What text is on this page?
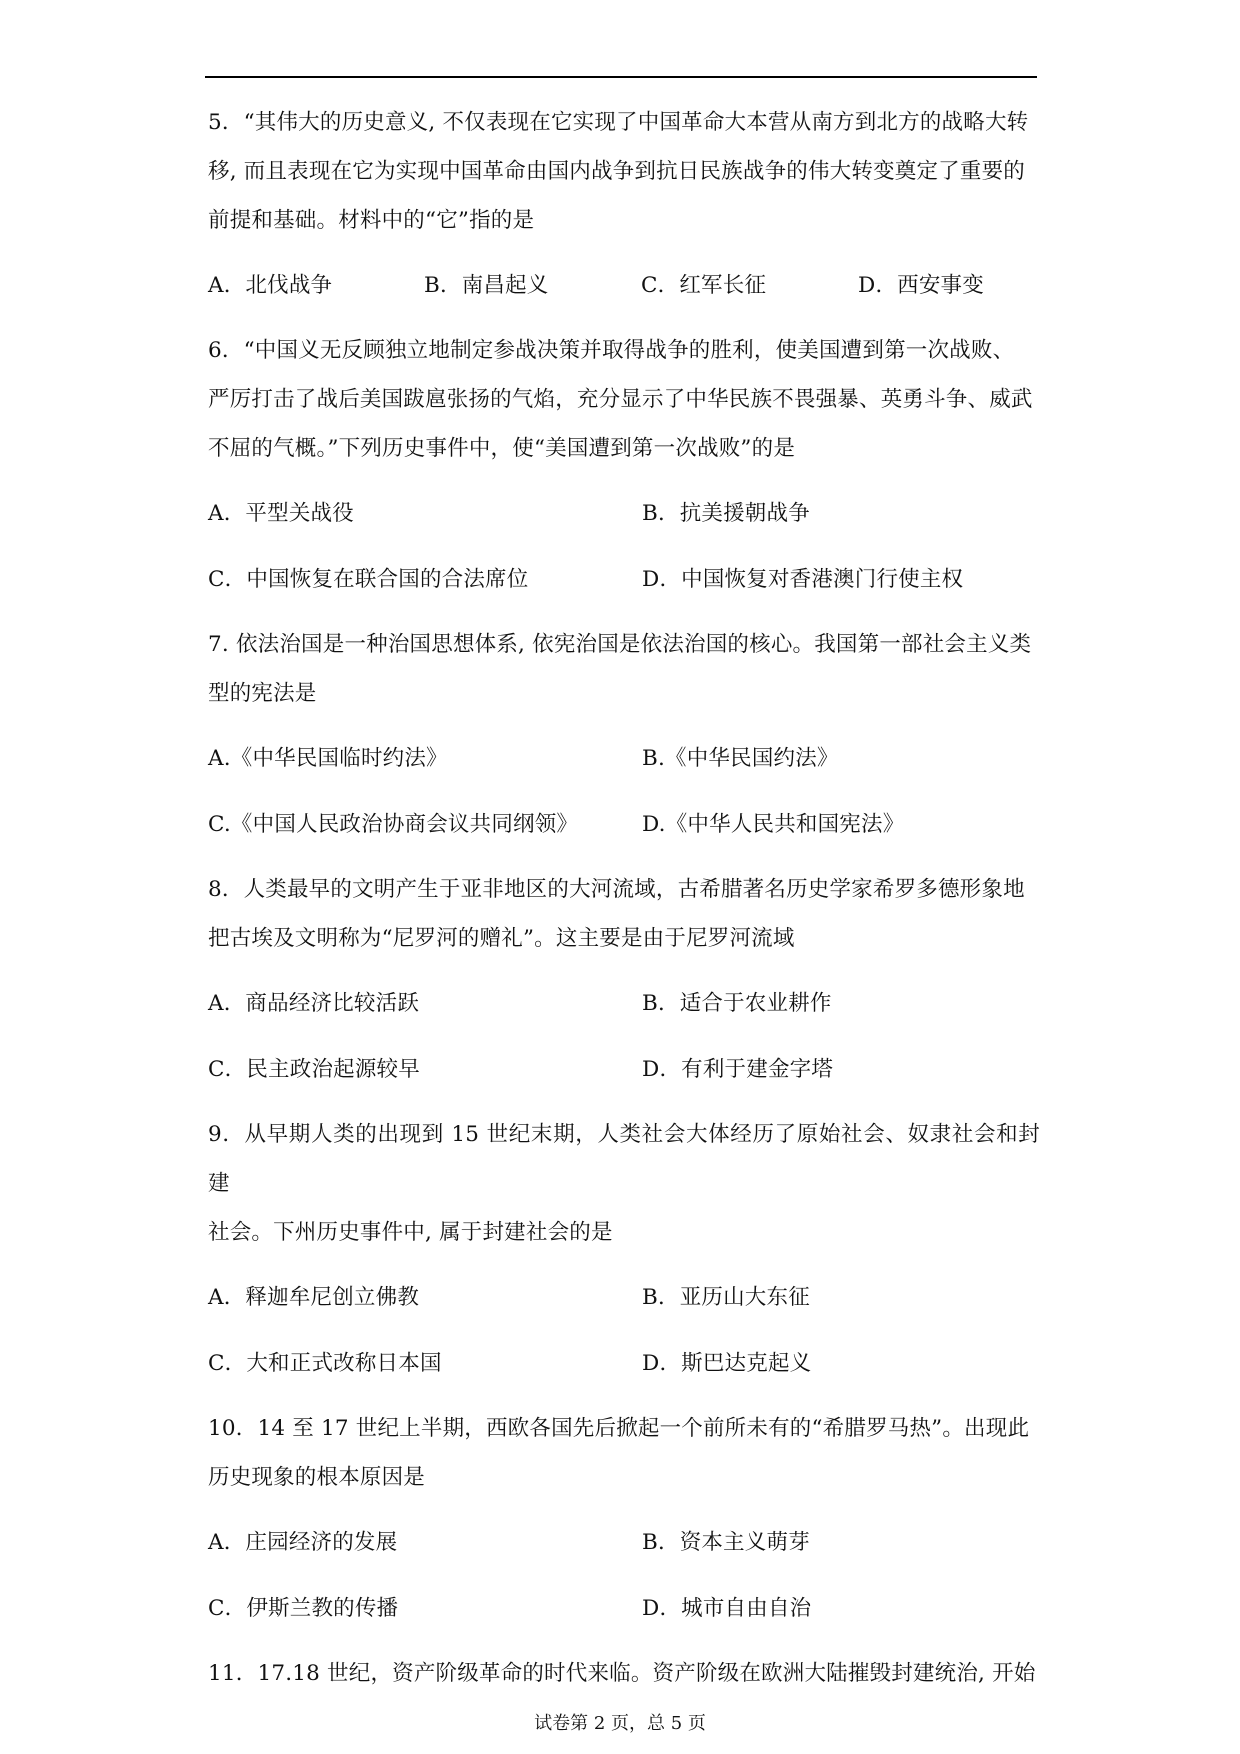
5．“其伟大的历史意义, 不仅表现在它实现了中国革命大本营从南方到北方的战略大转

移, 而且表现在它为实现中国革命由国内战争到抗日民族战争的伟大转变奠定了重要的

前提和基础。材料中的“它”指的是

A．北伐战争	B．南昌起义	C．红军长征	D．西安事变

6．“中国义无反顾独立地制定参战决策并取得战争的胜利，使美国遭到第一次战败、

严厉打击了战后美国跋扈张扬的气焰，充分显示了中华民族不畏强暴、英勇斗争、威武

不屈的气概。”下列历史事件中，使“美国遭到第一次战败”的是

A．平型关战役	B．抗美援朝战争
C．中国恢复在联合国的合法席位	D．中国恢复对香港澳门行使主权

7. 依法治国是一种治国思想体系, 依宪治国是依法治国的核心。我国第一部社会主义类

型的宪法是

A.《中华民国临时约法》	B.《中华民国约法》
C.《中国人民政治协商会议共同纲领》	D.《中华人民共和国宪法》

8．人类最早的文明产生于亚非地区的大河流域，古希腊著名历史学家希罗多德形象地

把古埃及文明称为“尼罗河的赠礼”。这主要是由于尼罗河流域

A．商品经济比较活跃	B．适合于农业耕作
C．民主政治起源较早	D．有利于建金字塔

9．从早期人类的出现到 15 世纪末期，人类社会大体经历了原始社会、奴隶社会和封建

社会。下州历史事件中, 属于封建社会的是

A．释迦牟尼创立佛教	B．亚历山大东征
C．大和正式改称日本国	D．斯巴达克起义

10．14 至 17 世纪上半期，西欧各国先后掀起一个前所未有的“希腊罗马热”。出现此

历史现象的根本原因是

A．庄园经济的发展	B．资本主义萌芽
C．伊斯兰教的传播	D．城市自由自治

11．17.18 世纪，资产阶级革命的时代来临。资产阶级在欧洲大陆摧毁封建统治, 开始

试卷第 2 页，总 5 页
